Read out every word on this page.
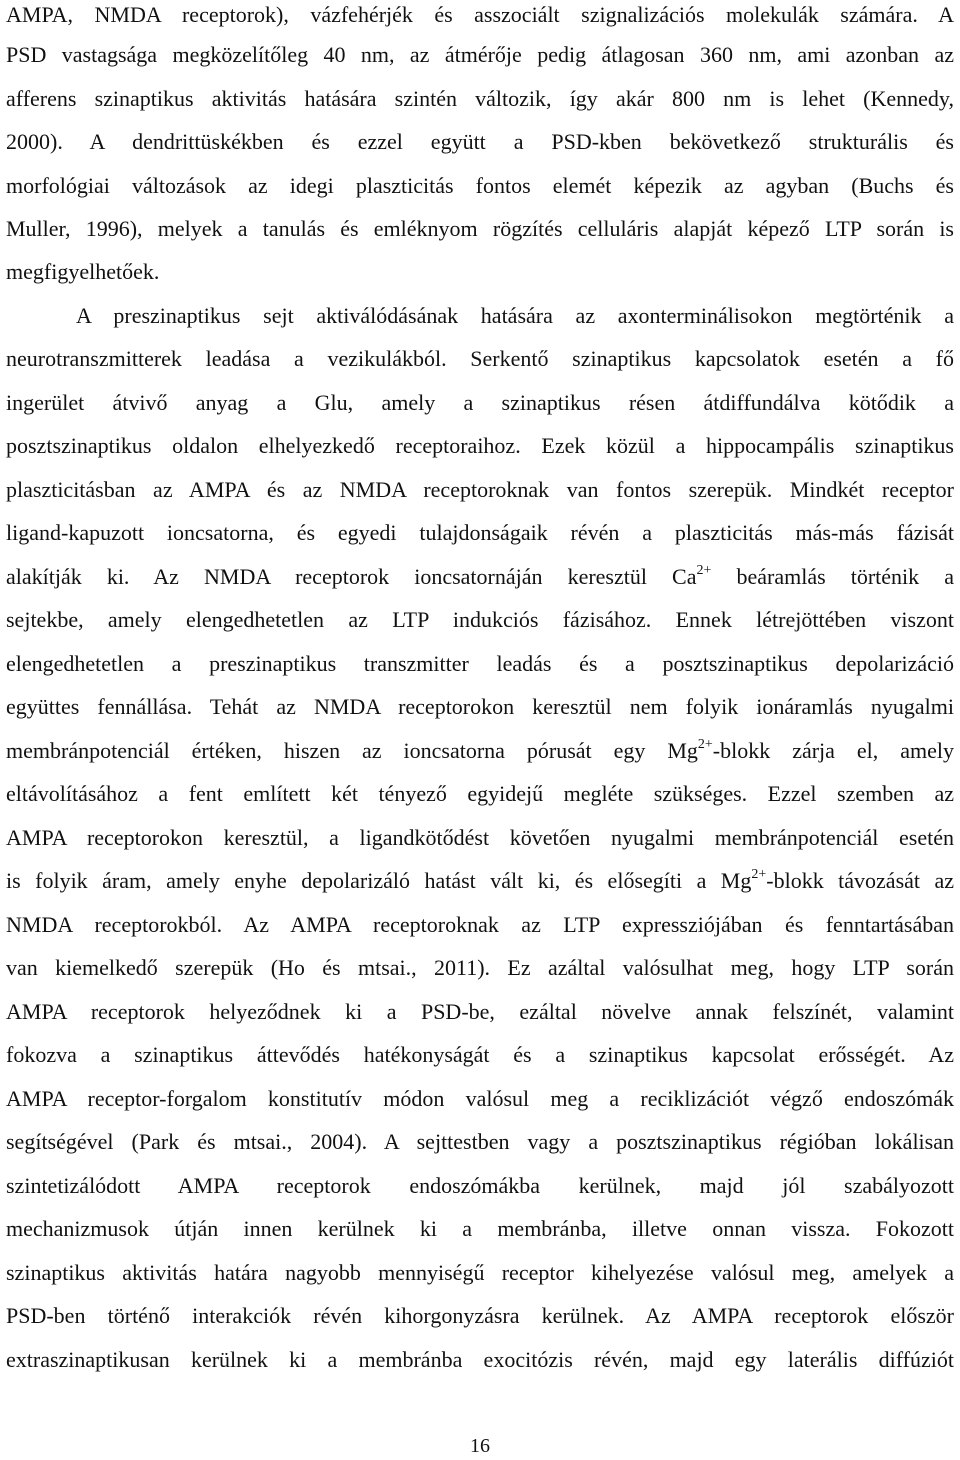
AMPA, NMDA receptorok), vázfehérjék és asszociált szignalizációs molekulák számára. A
PSD vastagsága megközelítőleg 40 nm, az átmérője pedig átlagosan 360 nm, ami azonban az
afferens szinaptikus aktivitás hatására szintén változik, így akár 800 nm is lehet (Kennedy,
2000). A dendrittüskékben és ezzel együtt a PSD-kben bekövetkező strukturális és
morfológiai változások az idegi plaszticitás fontos elemét képezik az agyban (Buchs és
Muller, 1996), melyek a tanulás és emléknyom rögzítés celluláris alapját képező LTP során is
megfigyelhetőek.
A preszinaptikus sejt aktiválódásának hatására az axonterminálisokon megtörténik a
neurotranszmitterek leadása a vezikulákból. Serkentő szinaptikus kapcsolatok esetén a fő
ingerület átvivő anyag a Glu, amely a szinaptikus résen átdiffundálva kötődik a
posztszinaptikus oldalon elhelyezkedő receptoraihoz. Ezek közül a hippocampális szinaptikus
plaszticitásban az AMPA és az NMDA receptoroknak van fontos szerepük. Mindkét receptor
ligand-kapuzott ioncsatorna, és egyedi tulajdonságaik révén a plaszticitás más-más fázisát
alakítják ki. Az NMDA receptorok ioncsatornáján keresztül $Ca^{2+}$ beáramlás történik a
sejtekbe, amely elengedhetetlen az LTP indukciós fázisához. Ennek létrejöttében viszont
elengedhetetlen a preszinaptikus transzmitter leadás és a posztszinaptikus depolarizáció
együttes fennállása. Tehát az NMDA receptorokon keresztül nem folyik ionáramlás nyugalmi
membránpotenciál értéken, hiszen az ioncsatorna pórusát egy $Mg^{2+}$-blokk zárja el, amely
eltávolításához a fent említett két tényező egyidejű megléte szükséges. Ezzel szemben az
AMPA receptorokon keresztül, a ligandkötődést követően nyugalmi membránpotenciál esetén
is folyik áram, amely enyhe depolarizáló hatást vált ki, és elősegíti a $Mg^{2+}$-blokk távozását az
NMDA receptorokból. Az AMPA receptoroknak az LTP expressziójában és fenntartásában
van kiemelkedő szerepük (Ho és mtsai., 2011). Ez azáltal valósulhat meg, hogy LTP során
AMPA receptorok helyeződnek ki a PSD-be, ezáltal növelve annak felszínét, valamint
fokozva a szinaptikus áttevődés hatékonyságát és a szinaptikus kapcsolat erősségét. Az
AMPA receptor-forgalom konstitutív módon valósul meg a reciklizációt végző endoszómák
segítségével (Park és mtsai., 2004). A sejttestben vagy a posztszinaptikus régióban lokálisan
szintetizálódott AMPA receptorok endoszómákba kerülnek, majd jól szabályozott
mechanizmusok útján innen kerülnek ki a membránba, illetve onnan vissza. Fokozott
szinaptikus aktivitás határa nagyobb mennyiségű receptor kihelyezése valósul meg, amelyek a
PSD-ben történő interakciók révén kihorgonyzásra kerülnek. Az AMPA receptorok először
extraszinaptikusan kerülnek ki a membránba exocitózis révén, majd egy laterális diffúziót
16
